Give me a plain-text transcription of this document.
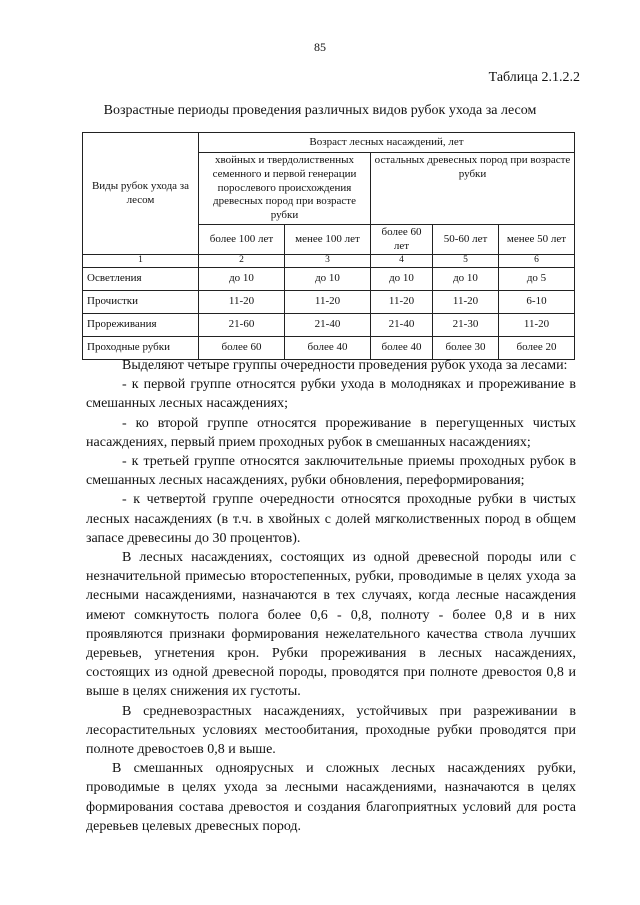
85
Таблица 2.1.2.2
Возрастные периоды проведения различных видов рубок ухода за лесом
Виды рубок ухода за лесом	Возраст лесных насаждений, лет				
	хвойных и твердолиственных семенного и первой генерации порослевого происхождения древесных пород при возрасте рубки		остальных древесных пород при возрасте рубки		
	более 100 лет	менее 100 лет	более 60 лет	50-60 лет	менее 50 лет
1	2	3	4	5	6
Осветления	до 10	до 10	до 10	до 10	до 5
Прочистки	11-20	11-20	11-20	11-20	6-10
Прореживания	21-60	21-40	21-40	21-30	11-20
Проходные рубки	более 60	более 40	более 40	более 30	более 20

Выделяют четыре группы очередности проведения рубок ухода за лесами:

- к первой группе относятся рубки ухода в молодняках и прореживание в смешанных лесных насаждениях;

- ко второй группе относятся прореживание в перегущенных чистых насаждениях, первый прием проходных рубок в смешанных насаждениях;

- к третьей группе относятся заключительные приемы проходных рубок в смешанных лесных насаждениях, рубки обновления, переформирования;

- к четвертой группе очередности относятся проходные рубки в чистых лесных насаждениях (в т.ч. в хвойных с долей мягколиственных пород в общем запасе древесины до 30 процентов).

В лесных насаждениях, состоящих из одной древесной породы или с незначительной примесью второстепенных, рубки, проводимые в целях ухода за лесными насаждениями, назначаются в тех случаях, когда лесные насаждения имеют сомкнутость полога более 0,6 - 0,8, полноту - более 0,8 и в них проявляются признаки формирования нежелательного качества ствола лучших деревьев, угнетения крон. Рубки прореживания в лесных насаждениях, состоящих из одной древесной породы, проводятся при полноте древостоя 0,8 и выше в целях снижения их густоты.

В средневозрастных насаждениях, устойчивых при разреживании в лесорастительных условиях местообитания, проходные рубки проводятся при полноте древостоев 0,8 и выше.

В смешанных одноярусных и сложных лесных насаждениях рубки, проводимые в целях ухода за лесными насаждениями, назначаются в целях формирования состава древостоя и создания благоприятных условий для роста деревьев целевых древесных пород.
